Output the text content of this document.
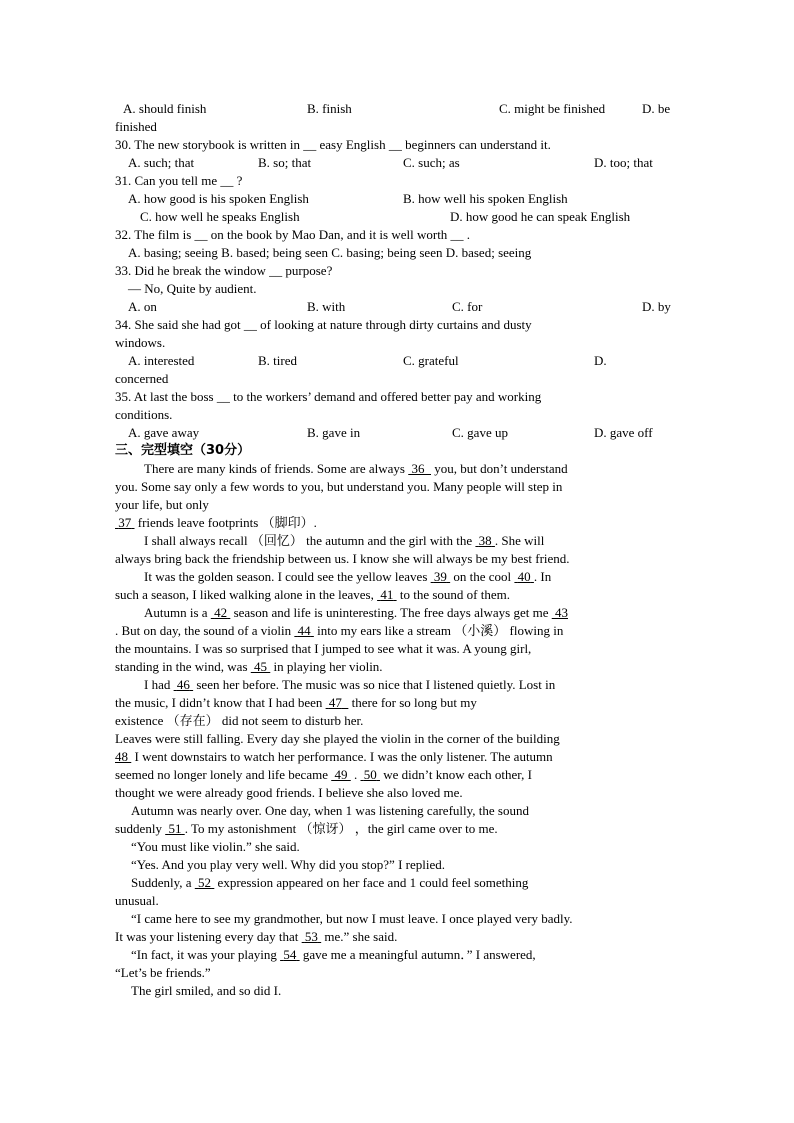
A. should finish	B. finish	C. might be finished	D. be
finished
30. The new storybook is written in __ easy English __ beginners can understand it.
A. such; that	B. so; that	C. such; as	D. too; that
31. Can you tell me __ ?
A. how good is his spoken English	B. how well his spoken English
C. how well he speaks English	D. how good he can speak English
32. The film is __ on the book by Mao Dan, and it is well worth __ .
A. basing; seeing B. based; being seen C. basing; being seen D. based; seeing
33. Did he break the window __ purpose?
— No, Quite by audient.
A. on	B. with	C. for	D. by
34. She said she had got __ of looking at nature through dirty curtains and dusty
windows.
A. interested	B. tired	C. grateful	D.
concerned
35. At last the boss __ to the workers’ demand and offered better pay and working
conditions.
A. gave away	B. gave in	C. gave up	D. gave off
三、完型填空（30分）
There are many kinds of friends. Some are always  36   you, but don’t understand
you. Some say only a few words to you, but understand you. Many people will step in
your life, but only
37  friends leave footprints （脚印）.
I shall always recall （回忆） the autumn and the girl with the  38 . She will
always bring back the friendship between us. I know she will always be my best friend.
It was the golden season. I could see the yellow leaves  39  on the cool  40 . In
such a season, I liked walking alone in the leaves,  41  to the sound of them.
Autumn is a  42  season and life is uninteresting. The free days always get me  43
. But on day, the sound of a violin  44  into my ears like a stream （小溪） flowing in
the mountains. I was so surprised that I jumped to see what it was. A young girl,
standing in the wind, was  45  in playing her violin.
I had  46  seen her before. The music was so nice that I listened quietly. Lost in
the music, I didn’t know that I had been  47   there for so long but my
existence （存在） did not seem to disturb her.
Leaves were still falling. Every day she played the violin in the corner of the building
48  I went downstairs to watch her performance. I was the only listener. The autumn
seemed no longer lonely and life became  49  .  50  we didn’t know each other, I
thought we were already good friends. I believe she also loved me.
Autumn was nearly over. One day, when 1 was listening carefully, the sound
suddenly  51 . To my astonishment （惊讶） ，the girl came over to me.
“You must like violin.” she said.
“Yes. And you play very well. Why did you stop?” I replied.
Suddenly, a  52  expression appeared on her face and 1 could feel something
unusual.
“I came here to see my grandmother, but now I must leave. I once played very badly.
It was your listening every day that  53  me.” she said.
“In fact, it was your playing  54  gave me a meaningful autumn．” I answered,
“Let’s be friends.”
The girl smiled, and so did I.
